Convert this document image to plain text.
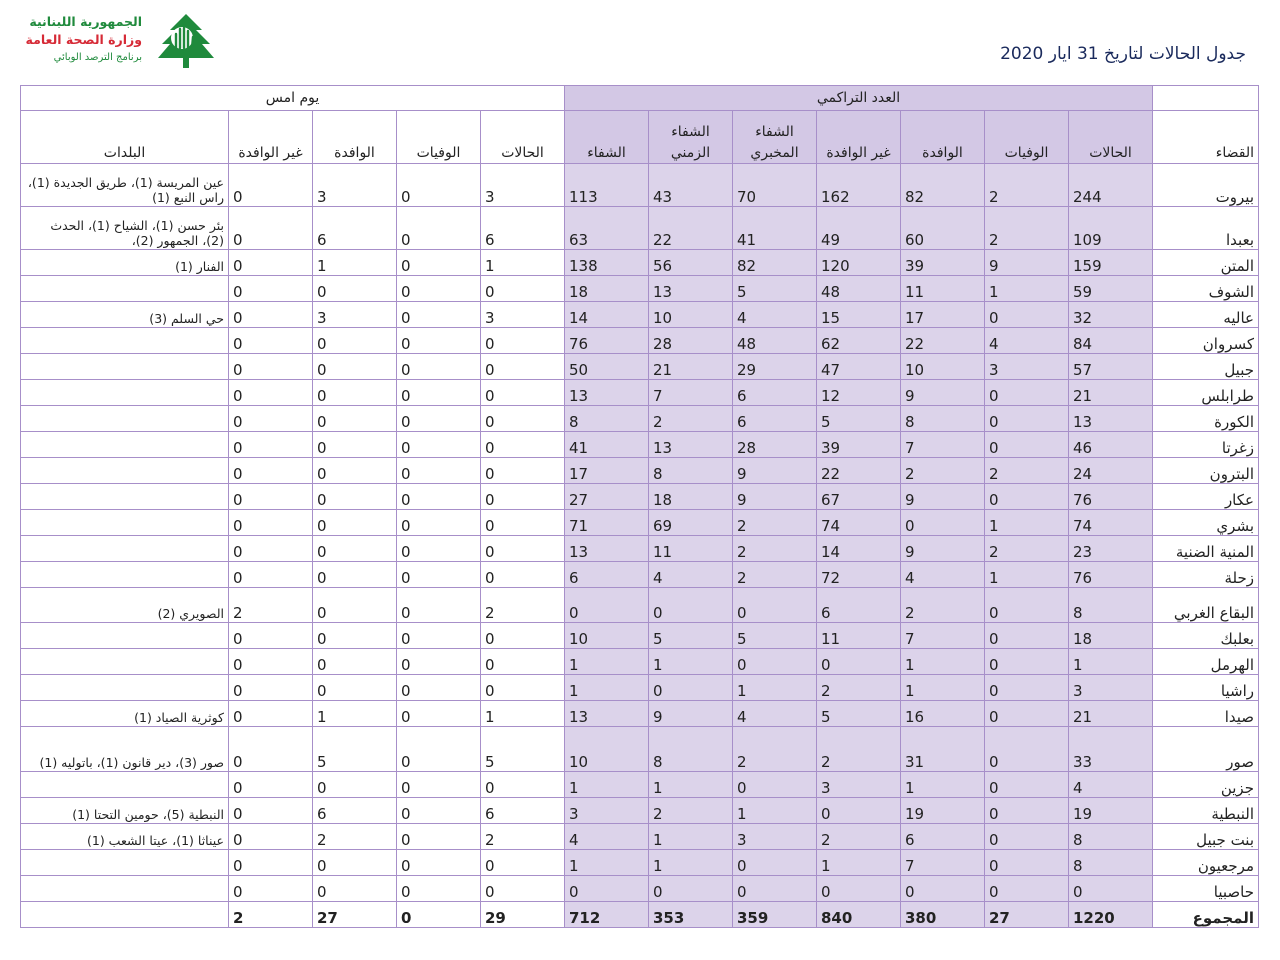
الجمهورية اللبنانية
وزارة الصحة العامة
برنامج الترصد الوبائي	جدول الحالات لتاريخ 31 ايار 2020
	العدد التراكمي							يوم امس				
القضاء	الحالات	الوفيات	الوافدة	غير الوافدة	الشفاء المخبري	الشفاء الزمني	الشفاء	الحالات	الوفيات	الوافدة	غير الوافدة	البلدات
بيروت	244	2	82	162	70	43	113	3	0	3	0	عين المريسة (1)، طريق الجديدة (1)، راس النبع (1)
بعبدا	109	2	60	49	41	22	63	6	0	6	0	بئر حسن (1)، الشياح (1)، الحدث (2)، الجمهور (2)،
المتن	159	9	39	120	82	56	138	1	0	1	0	الفنار (1)
الشوف	59	1	11	48	5	13	18	0	0	0	0	
عاليه	32	0	17	15	4	10	14	3	0	3	0	حي السلم (3)
كسروان	84	4	22	62	48	28	76	0	0	0	0	
جبيل	57	3	10	47	29	21	50	0	0	0	0	
طرابلس	21	0	9	12	6	7	13	0	0	0	0	
الكورة	13	0	8	5	6	2	8	0	0	0	0	
زغرتا	46	0	7	39	28	13	41	0	0	0	0	
البترون	24	2	2	22	9	8	17	0	0	0	0	
عكار	76	0	9	67	9	18	27	0	0	0	0	
بشري	74	1	0	74	2	69	71	0	0	0	0	
المنية الضنية	23	2	9	14	2	11	13	0	0	0	0	
زحلة	76	1	4	72	2	4	6	0	0	0	0	
البقاع الغربي	8	0	2	6	0	0	0	2	0	0	2	الصويري (2)
بعلبك	18	0	7	11	5	5	10	0	0	0	0	
الهرمل	1	0	1	0	0	1	1	0	0	0	0	
راشيا	3	0	1	2	1	0	1	0	0	0	0	
صيدا	21	0	16	5	4	9	13	1	0	1	0	كوثرية الصياد (1)
صور	33	0	31	2	2	8	10	5	0	5	0	صور (3)، دير قانون (1)، باتوليه (1)
جزين	4	0	1	3	0	1	1	0	0	0	0	
النبطية	19	0	19	0	1	2	3	6	0	6	0	النبطية (5)، حومين التحتا (1)
بنت جبيل	8	0	6	2	3	1	4	2	0	2	0	عيناثا (1)، عيتا الشعب (1)
مرجعيون	8	0	7	1	0	1	1	0	0	0	0	
حاصبيا	0	0	0	0	0	0	0	0	0	0	0	
المجموع	1220	27	380	840	359	353	712	29	0	27	2	
